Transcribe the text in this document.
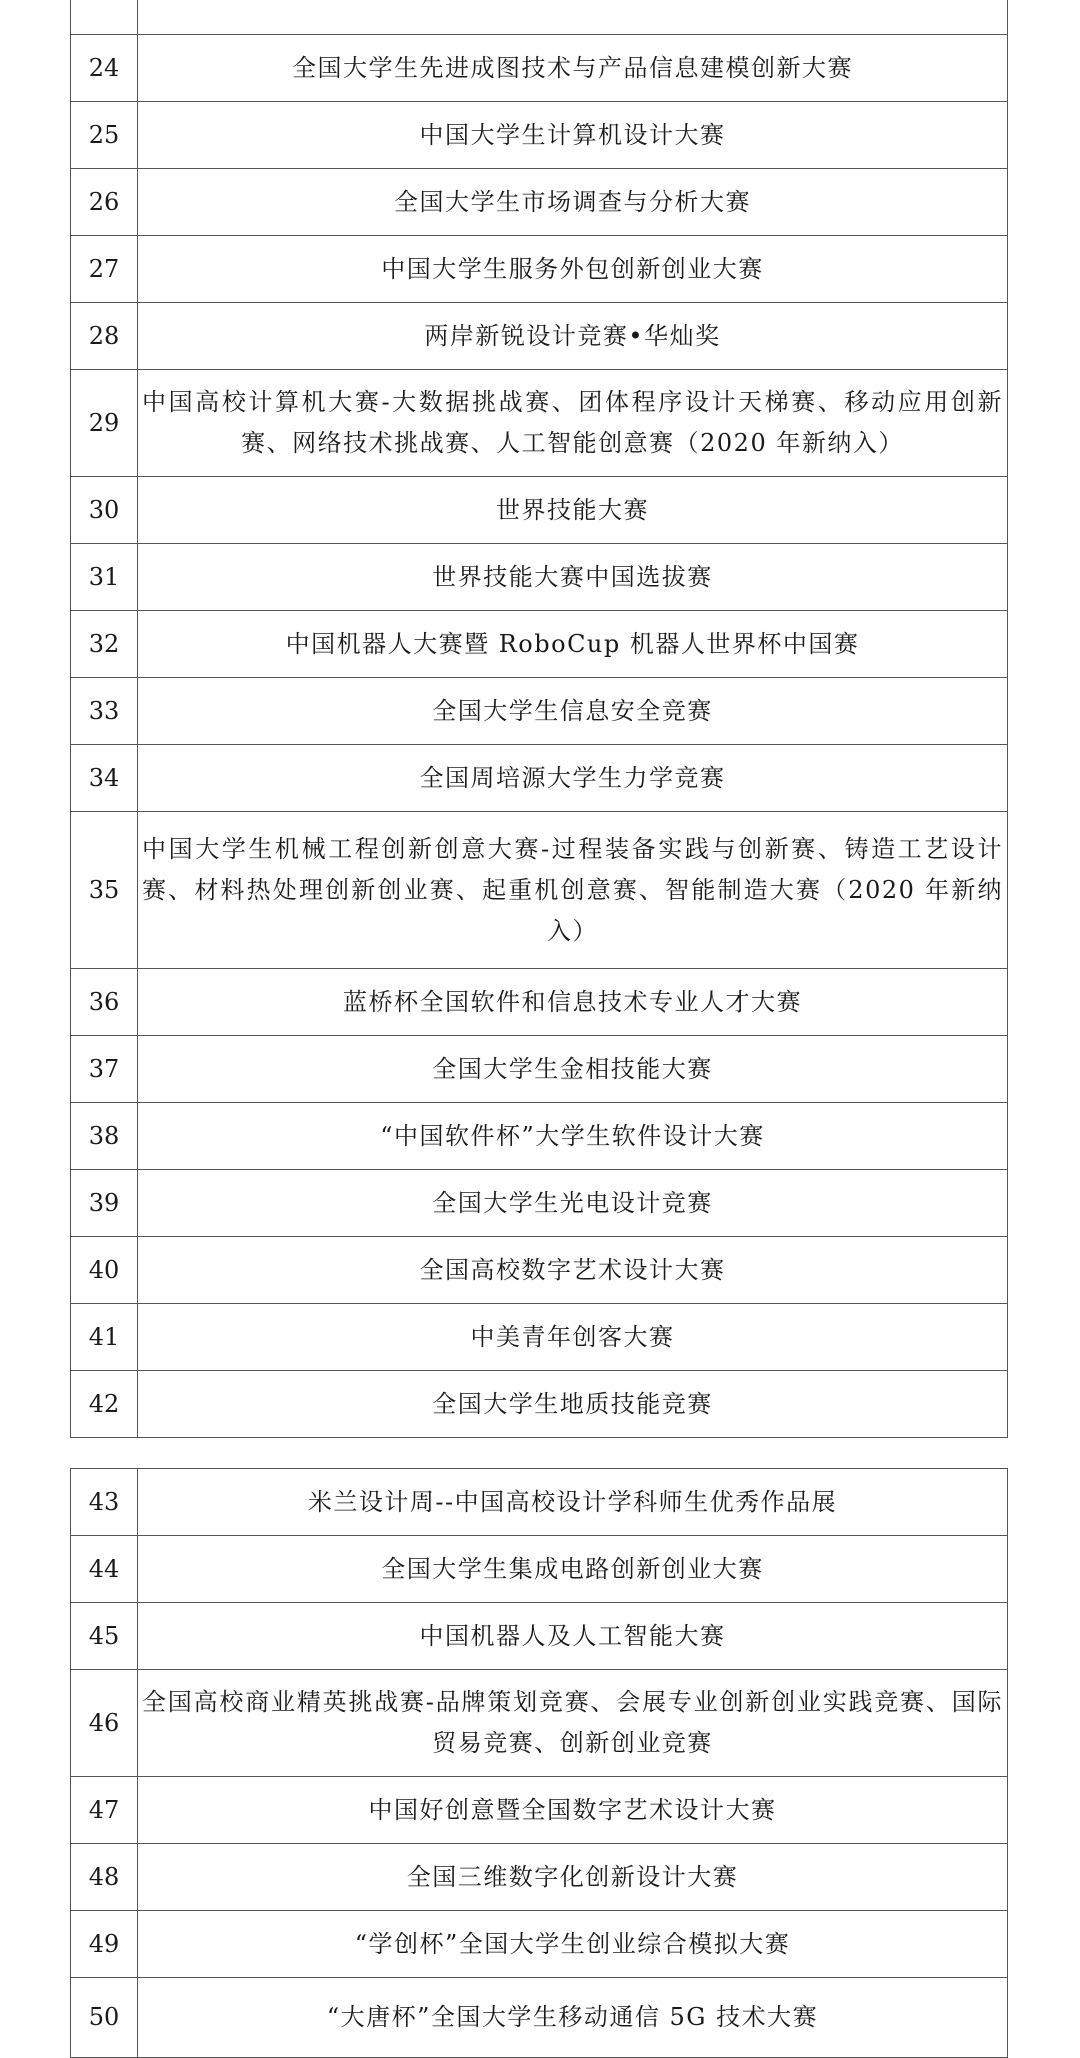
24	全国大学生先进成图技术与产品信息建模创新大赛
25	中国大学生计算机设计大赛
26	全国大学生市场调查与分析大赛
27	中国大学生服务外包创新创业大赛
28	两岸新锐设计竞赛•华灿奖
29	中国高校计算机大赛-大数据挑战赛、团体程序设计天梯赛、移动应用创新赛、网络技术挑战赛、人工智能创意赛（2020 年新纳入）
30	世界技能大赛
31	世界技能大赛中国选拔赛
32	中国机器人大赛暨 RoboCup 机器人世界杯中国赛
33	全国大学生信息安全竞赛
34	全国周培源大学生力学竞赛
35	中国大学生机械工程创新创意大赛-过程装备实践与创新赛、铸造工艺设计赛、材料热处理创新创业赛、起重机创意赛、智能制造大赛（2020 年新纳入）
36	蓝桥杯全国软件和信息技术专业人才大赛
37	全国大学生金相技能大赛
38	“中国软件杯”大学生软件设计大赛
39	全国大学生光电设计竞赛
40	全国高校数字艺术设计大赛
41	中美青年创客大赛
42	全国大学生地质技能竞赛
43	米兰设计周--中国高校设计学科师生优秀作品展
44	全国大学生集成电路创新创业大赛
45	中国机器人及人工智能大赛
46	全国高校商业精英挑战赛-品牌策划竞赛、会展专业创新创业实践竞赛、国际贸易竞赛、创新创业竞赛
47	中国好创意暨全国数字艺术设计大赛
48	全国三维数字化创新设计大赛
49	“学创杯”全国大学生创业综合模拟大赛
50	“大唐杯”全国大学生移动通信 5G 技术大赛
